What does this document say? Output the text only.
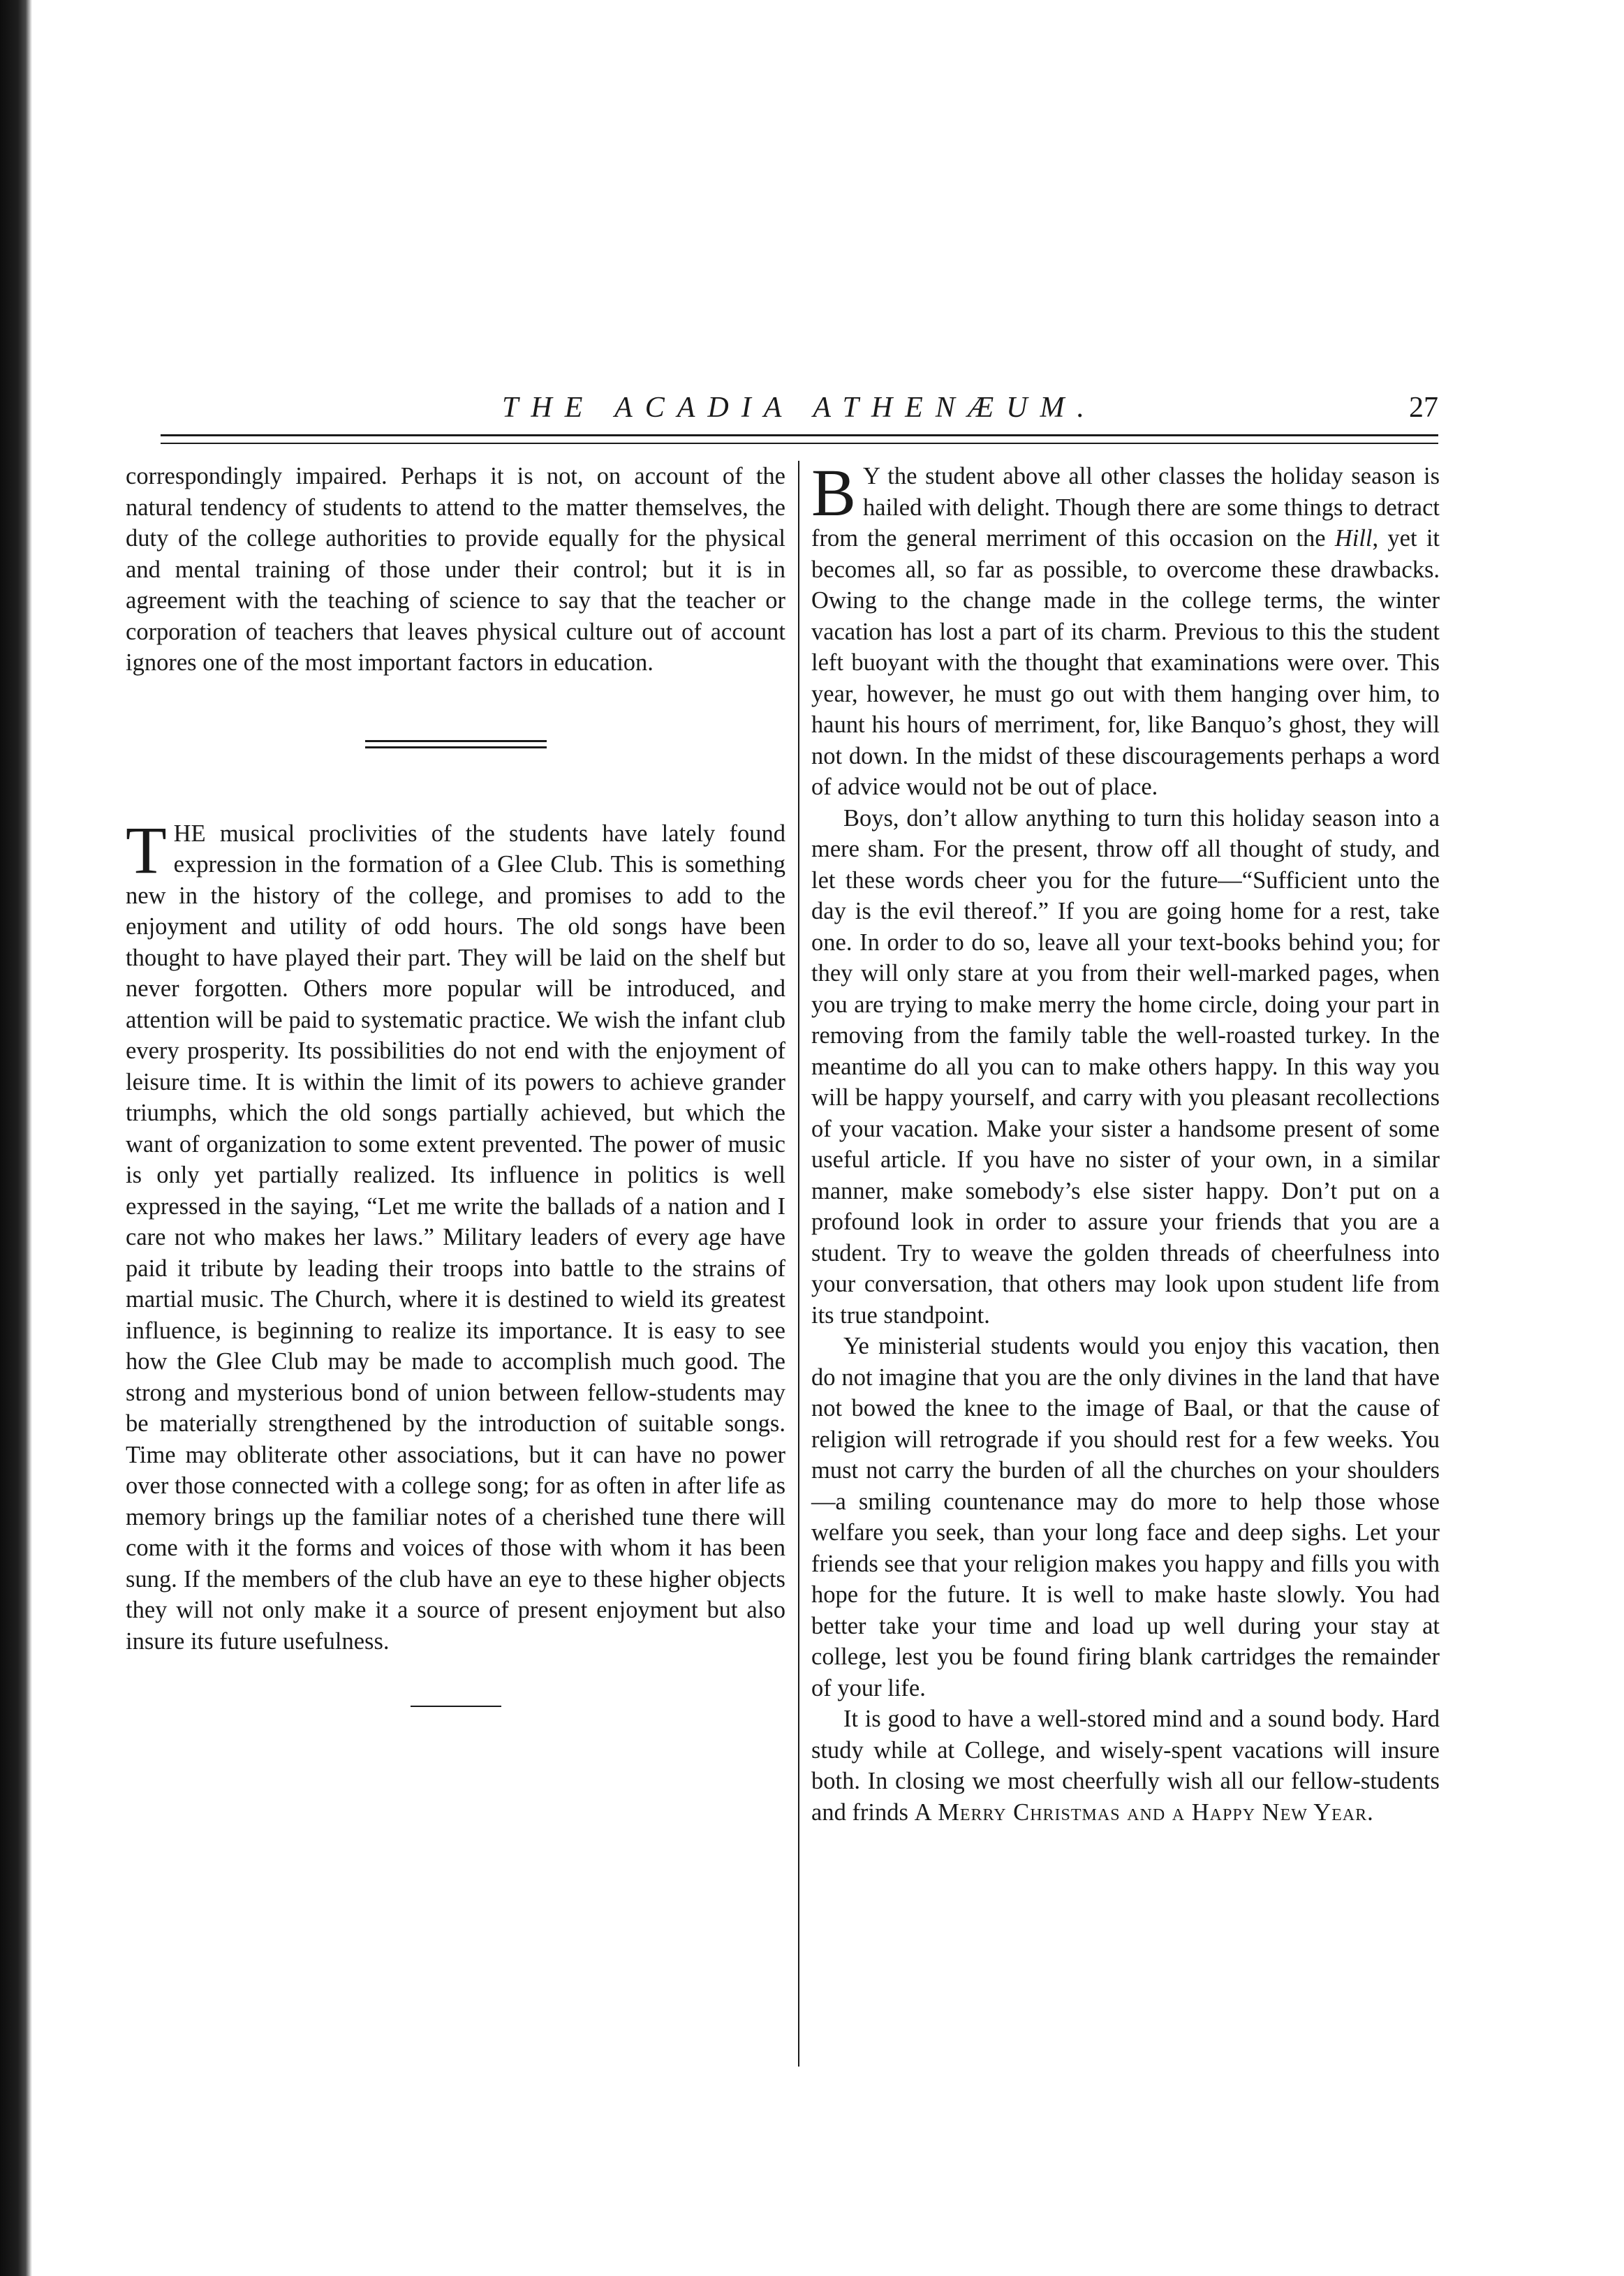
THE ACADIA ATHENÆUM.	27

correspondingly impaired. Perhaps it is not, on account of the natural tendency of students to attend to the matter themselves, the duty of the college authorities to provide equally for the physical and mental training of those under their control; but it is in agreement with the teaching of science to say that the teacher or corporation of teachers that leaves physical culture out of account ignores one of the most important factors in education.

THE musical proclivities of the students have lately found expression in the formation of a Glee Club. This is something new in the history of the college, and promises to add to the enjoyment and utility of odd hours. The old songs have been thought to have played their part. They will be laid on the shelf but never forgotten. Others more popular will be introduced, and attention will be paid to systematic practice. We wish the infant club every prosperity. Its possibilities do not end with the enjoyment of leisure time. It is within the limit of its powers to achieve grander triumphs, which the old songs partially achieved, but which the want of organization to some extent prevented. The power of music is only yet partially realized. Its influence in politics is well expressed in the saying, “Let me write the ballads of a nation and I care not who makes her laws.” Military leaders of every age have paid it tribute by leading their troops into battle to the strains of martial music. The Church, where it is destined to wield its greatest influence, is beginning to realize its importance. It is easy to see how the Glee Club may be made to accomplish much good. The strong and mysterious bond of union between fellow-students may be materially strengthened by the introduction of suitable songs. Time may obliterate other associations, but it can have no power over those connected with a college song; for as often in after life as memory brings up the familiar notes of a cherished tune there will come with it the forms and voices of those with whom it has been sung. If the members of the club have an eye to these higher objects they will not only make it a source of present enjoyment but also insure its future usefulness.

B Y the student above all other classes the holiday season is hailed with delight. Though there are some things to detract from the general merriment of this occasion on the Hill, yet it becomes all, so far as possible, to overcome these drawbacks. Owing to the change made in the college terms, the winter vacation has lost a part of its charm. Previous to this the student left buoyant with the thought that examinations were over. This year, however, he must go out with them hanging over him, to haunt his hours of merriment, for, like Banquo’s ghost, they will not down. In the midst of these discouragements perhaps a word of advice would not be out of place.

Boys, don’t allow anything to turn this holiday season into a mere sham. For the present, throw off all thought of study, and let these words cheer you for the future—“Sufficient unto the day is the evil thereof.” If you are going home for a rest, take one. In order to do so, leave all your text-books behind you; for they will only stare at you from their well-marked pages, when you are trying to make merry the home circle, doing your part in removing from the family table the well-roasted turkey. In the meantime do all you can to make others happy. In this way you will be happy yourself, and carry with you pleasant recollections of your vacation. Make your sister a handsome present of some useful article. If you have no sister of your own, in a similar manner, make somebody’s else sister happy. Don’t put on a profound look in order to assure your friends that you are a student. Try to weave the golden threads of cheerfulness into your conversation, that others may look upon student life from its true standpoint.

Ye ministerial students would you enjoy this vacation, then do not imagine that you are the only divines in the land that have not bowed the knee to the image of Baal, or that the cause of religion will retrograde if you should rest for a few weeks. You must not carry the burden of all the churches on your shoulders—a smiling countenance may do more to help those whose welfare you seek, than your long face and deep sighs. Let your friends see that your religion makes you happy and fills you with hope for the future. It is well to make haste slowly. You had better take your time and load up well during your stay at college, lest you be found firing blank cartridges the remainder of your life.

It is good to have a well-stored mind and a sound body. Hard study while at College, and wisely-spent vacations will insure both. In closing we most cheerfully wish all our fellow-students and frinds A Merry Christmas and a Happy New Year.
